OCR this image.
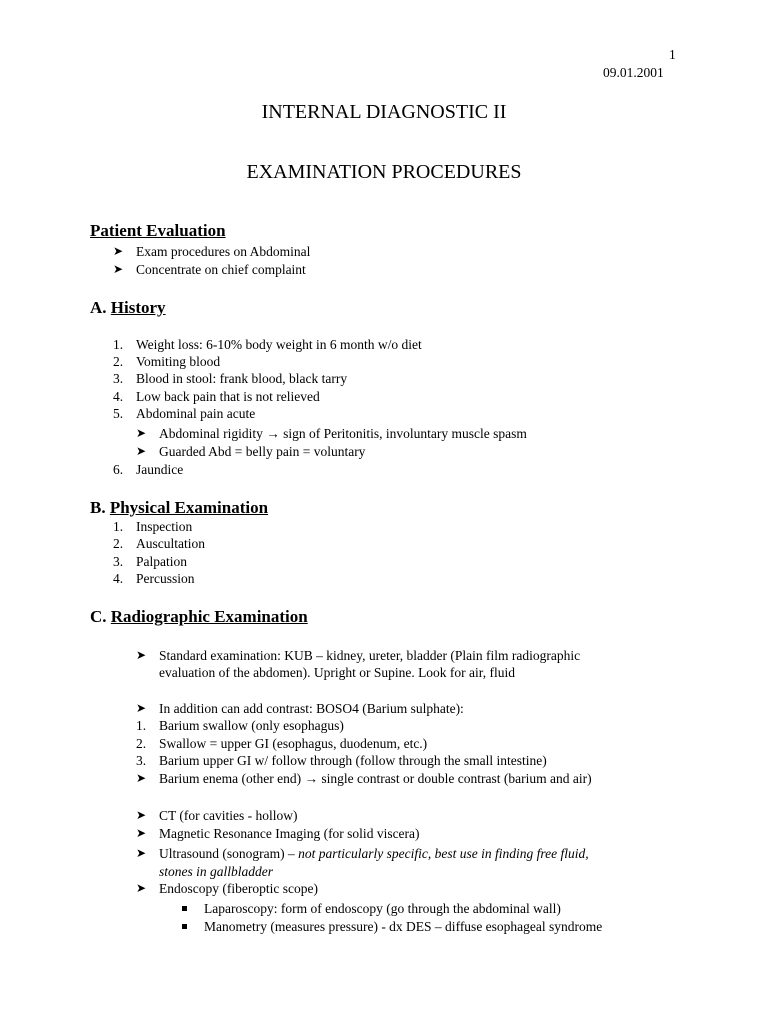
1
09.01.2001
INTERNAL DIAGNOSTIC II
EXAMINATION PROCEDURES
Patient Evaluation
➤ Exam procedures on Abdominal
➤ Concentrate on chief complaint
A. History
1. Weight loss: 6-10% body weight in 6 month w/o diet
2. Vomiting blood
3. Blood in stool: frank blood, black tarry
4. Low back pain that is not relieved
5. Abdominal pain acute
➤ Abdominal rigidity → sign of Peritonitis, involuntary muscle spasm
➤ Guarded Abd = belly pain = voluntary
6. Jaundice
B. Physical Examination
1. Inspection
2. Auscultation
3. Palpation
4. Percussion
C. Radiographic Examination
➤ Standard examination: KUB – kidney, ureter, bladder (Plain film radiographic
evaluation of the abdomen). Upright or Supine. Look for air, fluid
➤ In addition can add contrast: BOSO4 (Barium sulphate):
1. Barium swallow (only esophagus)
2. Swallow = upper GI (esophagus, duodenum, etc.)
3. Barium upper GI w/ follow through (follow through the small intestine)
➤ Barium enema (other end) → single contrast or double contrast (barium and air)
➤ CT (for cavities - hollow)
➤ Magnetic Resonance Imaging (for solid viscera)
➤ Ultrasound (sonogram) – not particularly specific, best use in finding free fluid,
stones in gallbladder
➤ Endoscopy (fiberoptic scope)
Laparoscopy: form of endoscopy (go through the abdominal wall)
Manometry (measures pressure) - dx DES – diffuse esophageal syndrome
